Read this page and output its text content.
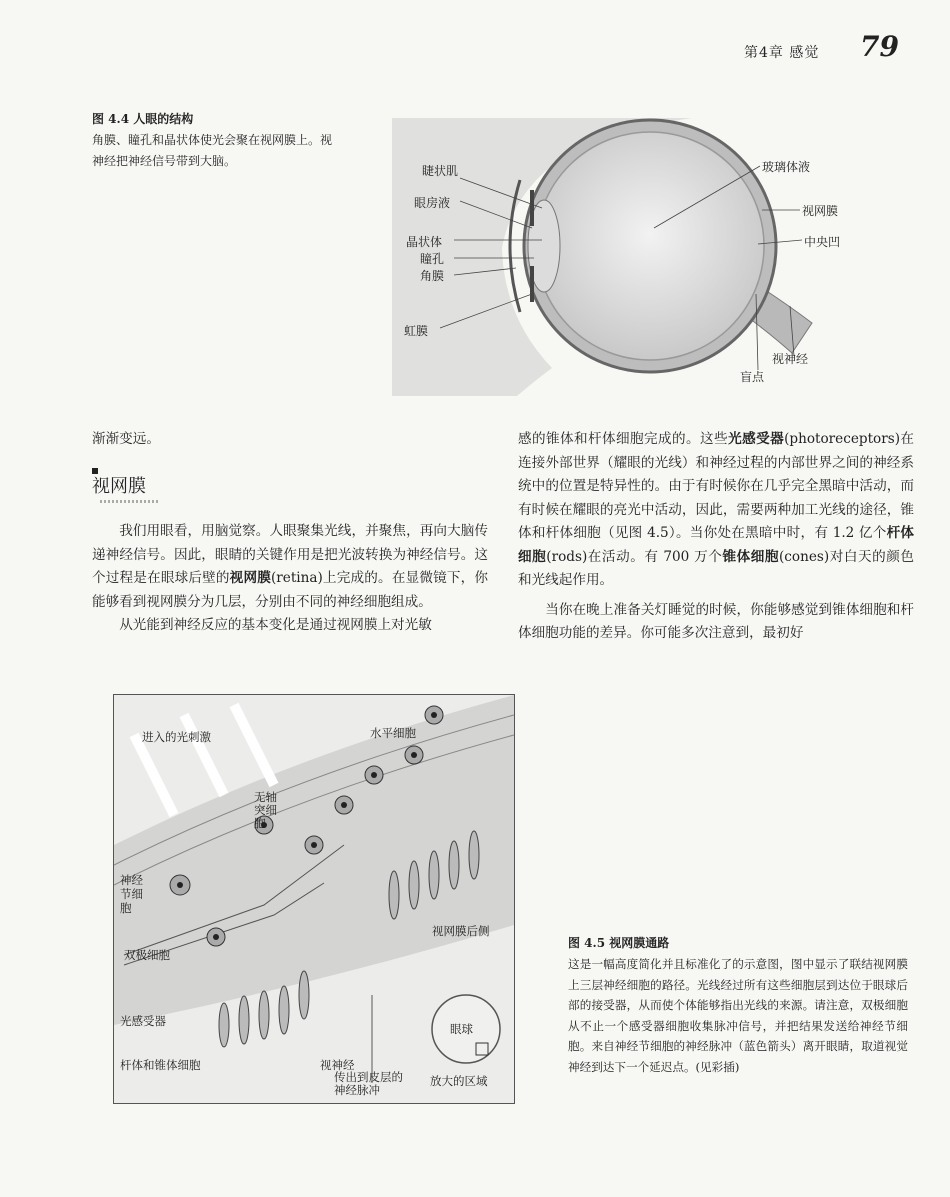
第4章 感觉 79
图 4.4 人眼的结构
角膜、瞳孔和晶状体使光会聚在视网膜上。视神经把神经信号带到大脑。
睫状肌
眼房液
晶状体
瞳孔
角膜
虹膜
玻璃体液
视网膜
中央凹
视神经
盲点
渐渐变远。
视网膜

我们用眼看，用脑觉察。人眼聚集光线，并聚焦，再向大脑传递神经信号。因此，眼睛的关键作用是把光波转换为神经信号。这个过程是在眼球后壁的视网膜(retina)上完成的。在显微镜下，你能够看到视网膜分为几层，分别由不同的神经细胞组成。

从光能到神经反应的基本变化是通过视网膜上对光敏

感的锥体和杆体细胞完成的。这些光感受器(photoreceptors)在连接外部世界（耀眼的光线）和神经过程的内部世界之间的神经系统中的位置是特异性的。由于有时候你在几乎完全黑暗中活动，而有时候在耀眼的亮光中活动，因此，需要两种加工光线的途径，锥体和杆体细胞（见图 4.5）。当你处在黑暗中时，有 1.2 亿个杆体细胞(rods)在活动。有 700 万个锥体细胞(cones)对白天的颜色和光线起作用。

当你在晚上准备关灯睡觉的时候，你能够感觉到锥体细胞和杆体细胞功能的差异。你可能多次注意到，最初好

进入的光刺激
无轴突细胞
水平细胞
神经节细胞
双极细胞
光感受器
杆体和锥体细胞
视网膜后侧
眼球
视神经
传出到皮层的神经脉冲
放大的区域
图 4.5 视网膜通路
这是一幅高度简化并且标准化了的示意图，图中显示了联结视网膜上三层神经细胞的路径。光线经过所有这些细胞层到达位于眼球后部的接受器，从而使个体能够指出光线的来源。请注意，双极细胞从不止一个感受器细胞收集脉冲信号，并把结果发送给神经节细胞。来自神经节细胞的神经脉冲（蓝色箭头）离开眼睛，取道视觉神经到达下一个延迟点。(见彩插)
